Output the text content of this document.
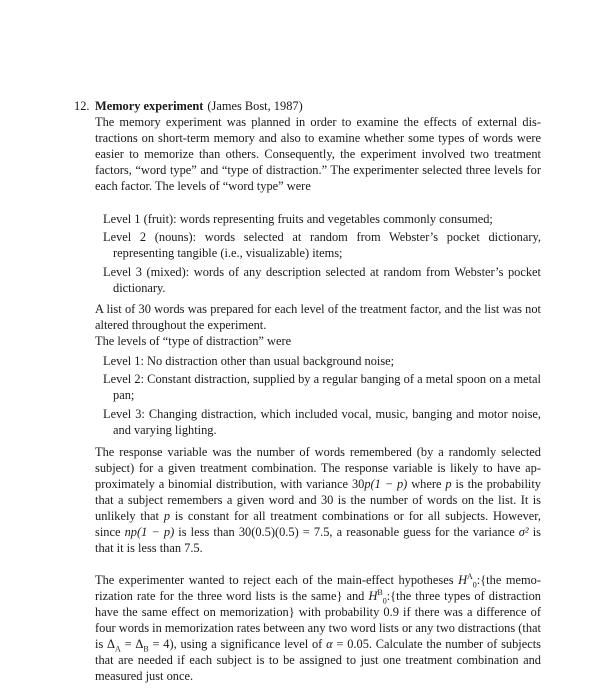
12. Memory experiment (James Bost, 1987)
The memory experiment was planned in order to examine the effects of external distractions on short-term memory and also to examine whether some types of words were easier to memorize than others. Consequently, the experiment involved two treatment factors, “word type” and “type of distraction.” The experimenter selected three levels for each factor. The levels of “word type” were
Level 1 (fruit): words representing fruits and vegetables commonly consumed;
Level 2 (nouns): words selected at random from Webster’s pocket dictionary, representing tangible (i.e., visualizable) items;
Level 3 (mixed): words of any description selected at random from Webster’s pocket dictionary.
A list of 30 words was prepared for each level of the treatment factor, and the list was not altered throughout the experiment.
The levels of “type of distraction” were
Level 1: No distraction other than usual background noise;
Level 2: Constant distraction, supplied by a regular banging of a metal spoon on a metal pan;
Level 3: Changing distraction, which included vocal, music, banging and motor noise, and varying lighting.
The response variable was the number of words remembered (by a randomly selected subject) for a given treatment combination. The response variable is likely to have approximately a binomial distribution, with variance 30p(1 − p) where p is the probability that a subject remembers a given word and 30 is the number of words on the list. It is unlikely that p is constant for all treatment combinations or for all subjects. However, since np(1 − p) is less than 30(0.5)(0.5) = 7.5, a reasonable guess for the variance σ² is that it is less than 7.5.
The experimenter wanted to reject each of the main-effect hypotheses $H^A_0:\{the$ memorization rate for the three word lists is the same} and $H^B_0:\{the$ three types of distraction have the same effect on memorization} with probability 0.9 if there was a difference of four words in memorization rates between any two word lists or any two distractions (that is $\Delta_A = \Delta_B = 4$), using a significance level of α = 0.05. Calculate the number of subjects that are needed if each subject is to be assigned to just one treatment combination and measured just once.
